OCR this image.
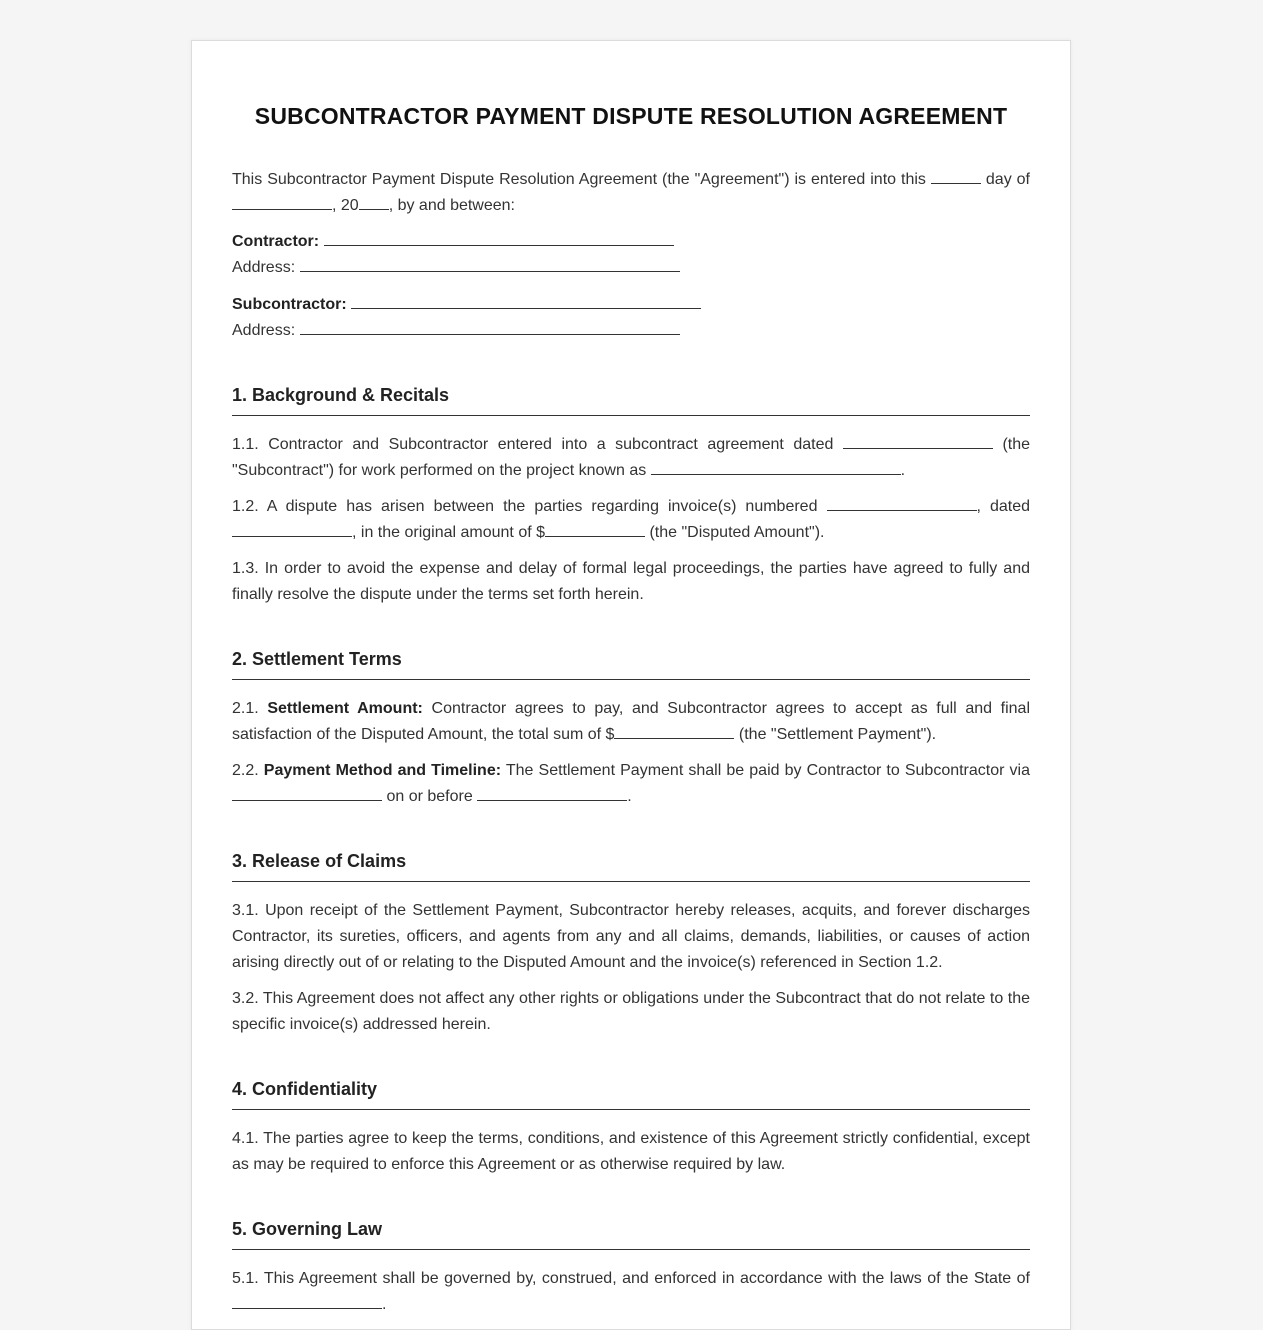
SUBCONTRACTOR PAYMENT DISPUTE RESOLUTION AGREEMENT

This Subcontractor Payment Dispute Resolution Agreement (the "Agreement") is entered into this	day of , 20 , by and between:

Contractor:
Address:
Subcontractor:
Address:
1. Background & Recitals

1.1. Contractor and Subcontractor entered into a subcontract agreement dated	(the "Subcontract") for work performed on the project known as	.

1.2. A dispute has arisen between the parties regarding invoice(s) numbered	, dated , in the original amount of $	(the "Disputed Amount").

1.3. In order to avoid the expense and delay of formal legal proceedings, the parties have agreed to fully and finally resolve the dispute under the terms set forth herein.

2. Settlement Terms

2.1. Settlement Amount: Contractor agrees to pay, and Subcontractor agrees to accept as full and final satisfaction of the Disputed Amount, the total sum of $	(the "Settlement Payment").

2.2. Payment Method and Timeline: The Settlement Payment shall be paid by Contractor to Subcontractor via  on or before	.

3. Release of Claims

3.1. Upon receipt of the Settlement Payment, Subcontractor hereby releases, acquits, and forever discharges Contractor, its sureties, officers, and agents from any and all claims, demands, liabilities, or causes of action arising directly out of or relating to the Disputed Amount and the invoice(s) referenced in Section 1.2.

3.2. This Agreement does not affect any other rights or obligations under the Subcontract that do not relate to the specific invoice(s) addressed herein.

4. Confidentiality

4.1. The parties agree to keep the terms, conditions, and existence of this Agreement strictly confidential, except as may be required to enforce this Agreement or as otherwise required by law.

5. Governing Law

5.1. This Agreement shall be governed by, construed, and enforced in accordance with the laws of the State of .
